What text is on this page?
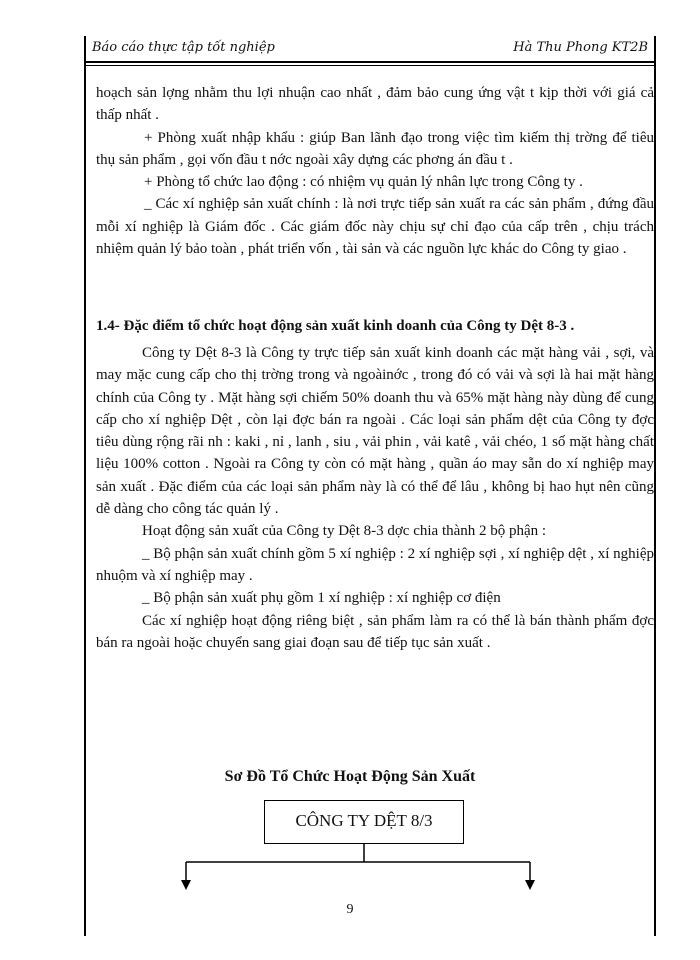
Báo cáo thực tập tốt nghiệp	Hà Thu Phong KT2B

hoạch sản lợng nhằm thu lợi nhuận cao nhất , đảm bảo cung ứng vật t kịp thời với giá cả thấp nhất .

+ Phòng xuất nhập khẩu : giúp Ban lãnh đạo trong việc tìm kiếm thị trờng để tiêu thụ sản phẩm , gọi vốn đầu t nớc ngoài xây dựng các phơng án đầu t .

+ Phòng tổ chức lao động : có nhiệm vụ quản lý nhân lực trong Công ty .

_ Các xí nghiệp sản xuất chính : là nơi trực tiếp sản xuất ra các sản phẩm , đứng đầu mỗi xí nghiệp là Giám đốc . Các giám đốc này chịu sự chỉ đạo của cấp trên , chịu trách nhiệm quản lý bảo toàn , phát triển vốn , tài sản và các nguồn lực khác do Công ty giao .

1.4- Đặc điểm tổ chức hoạt động sản xuất kinh doanh của Công ty Dệt 8-3 .

Công ty Dệt 8-3 là Công ty trực tiếp sản xuất kinh doanh các mặt hàng vải , sợi, và may mặc cung cấp cho thị trờng trong và ngoàinớc , trong đó có vải và sợi là hai mặt hàng chính của Công ty . Mặt hàng sợi chiếm 50% doanh thu và 65% mặt hàng này dùng để cung cấp cho xí nghiệp Dệt , còn lại đợc bán ra ngoài . Các loại sản phẩm dệt của Công ty đợc tiêu dùng rộng rãi nh : kaki , nỉ , lanh , siu , vải phin , vải katê , vải chéo, 1 số mặt hàng chất liệu 100% cotton . Ngoài ra Công ty còn có mặt hàng , quần áo may sẵn do xí nghiệp may sản xuất . Đặc điểm của các loại sản phẩm này là có thể để lâu , không bị hao hụt nên cũng dễ dàng cho công tác quản lý .

Hoạt động sản xuất của Công ty Dệt 8-3 dợc chia thành 2 bộ phận :

_ Bộ phận sản xuất chính gồm 5 xí nghiệp : 2 xí nghiệp sợi , xí nghiệp dệt , xí nghiệp nhuộm và xí nghiệp may .

_ Bộ phận sản xuất phụ gồm 1 xí nghiệp : xí nghiệp cơ điện

Các xí nghiệp hoạt động riêng biệt , sản phẩm làm ra có thể là bán thành phẩm đợc bán ra ngoài hoặc chuyển sang giai đoạn sau để tiếp tục sản xuất .

Sơ Đồ Tổ Chức Hoạt Động Sản Xuất
CÔNG TY DỆT 8/3
9
